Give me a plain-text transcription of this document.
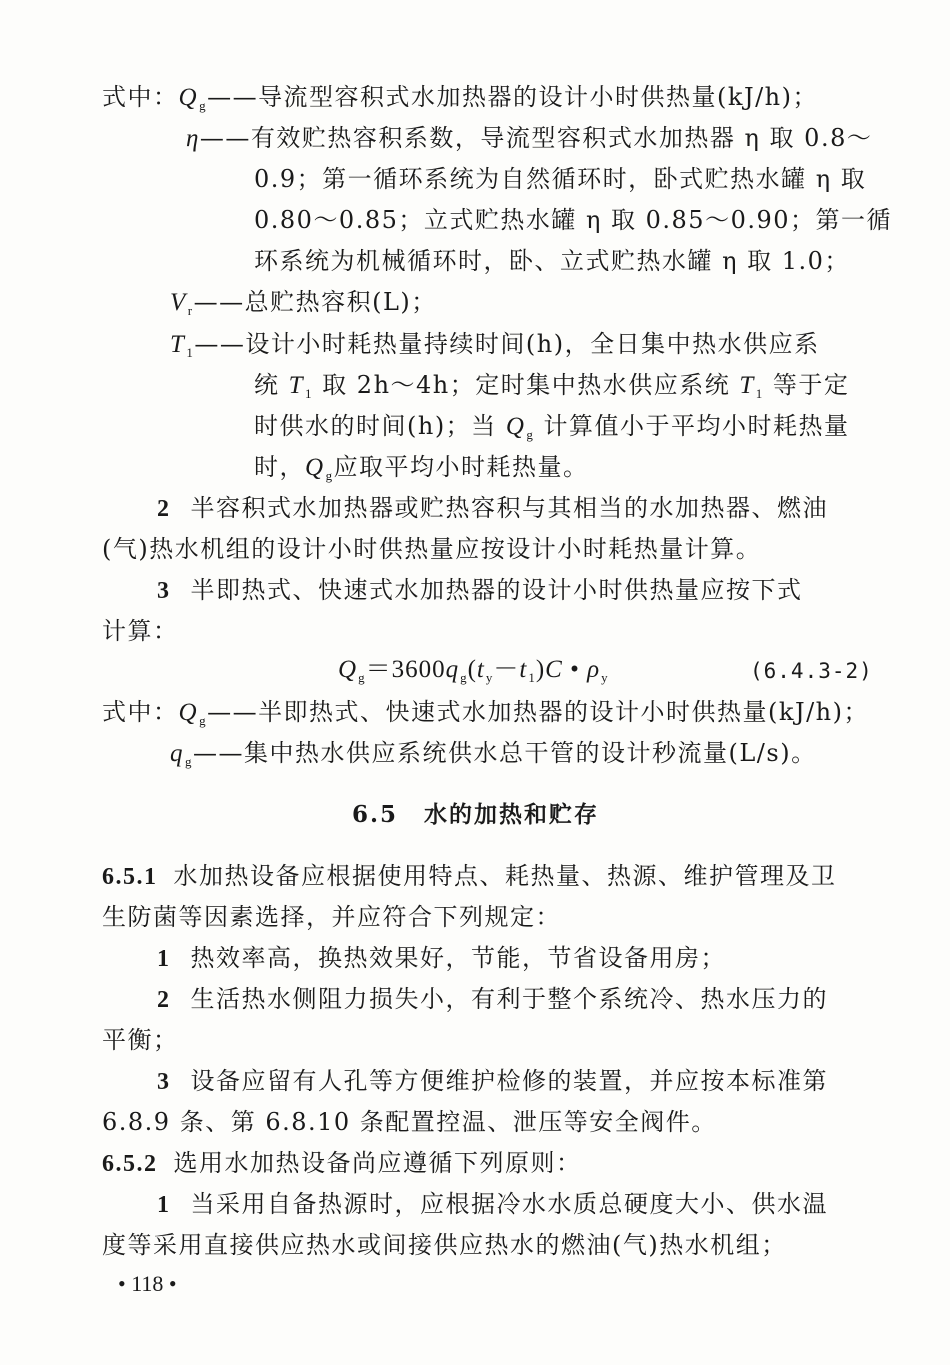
式中：$Q_g——$导流型容积式水加热器的设计小时供热量(kJ/h)；
η——有效贮热容积系数，导流型容积式水加热器 η 取 0.8～
0.9；第一循环系统为自然循环时，卧式贮热水罐 η 取
0.80～0.85；立式贮热水罐 η 取 0.85～0.90；第一循
环系统为机械循环时，卧、立式贮热水罐 η 取 1.0；
$V_r——$总贮热容积(L)；
$T_1——$设计小时耗热量持续时间(h)，全日集中热水供应系
统 $T_1$ 取 2h～4h；定时集中热水供应系统 $T_1$ 等于定
时供水的时间(h)；当 $Q_g$ 计算值小于平均小时耗热量
时，$Q_g$应取平均小时耗热量。
2 半容积式水加热器或贮热容积与其相当的水加热器、燃油
(气)热水机组的设计小时供热量应按设计小时耗热量计算。
3 半即热式、快速式水加热器的设计小时供热量应按下式
计算：
$Q_g=3600q_g(t_y-t_1)C$ • $\rho_y$	(6.4.3-2)
式中：$Q_g——$半即热式、快速式水加热器的设计小时供热量(kJ/h)；
$q_g——$集中热水供应系统供水总干管的设计秒流量(L/s)。
6.5 水的加热和贮存
6.5.1 水加热设备应根据使用特点、耗热量、热源、维护管理及卫
生防菌等因素选择，并应符合下列规定：
1 热效率高，换热效果好，节能，节省设备用房；
2 生活热水侧阻力损失小，有利于整个系统冷、热水压力的
平衡；
3 设备应留有人孔等方便维护检修的装置，并应按本标准第
6.8.9 条、第 6.8.10 条配置控温、泄压等安全阀件。
6.5.2 选用水加热设备尚应遵循下列原则：
1 当采用自备热源时，应根据冷水水质总硬度大小、供水温
度等采用直接供应热水或间接供应热水的燃油(气)热水机组；
• 118 •
